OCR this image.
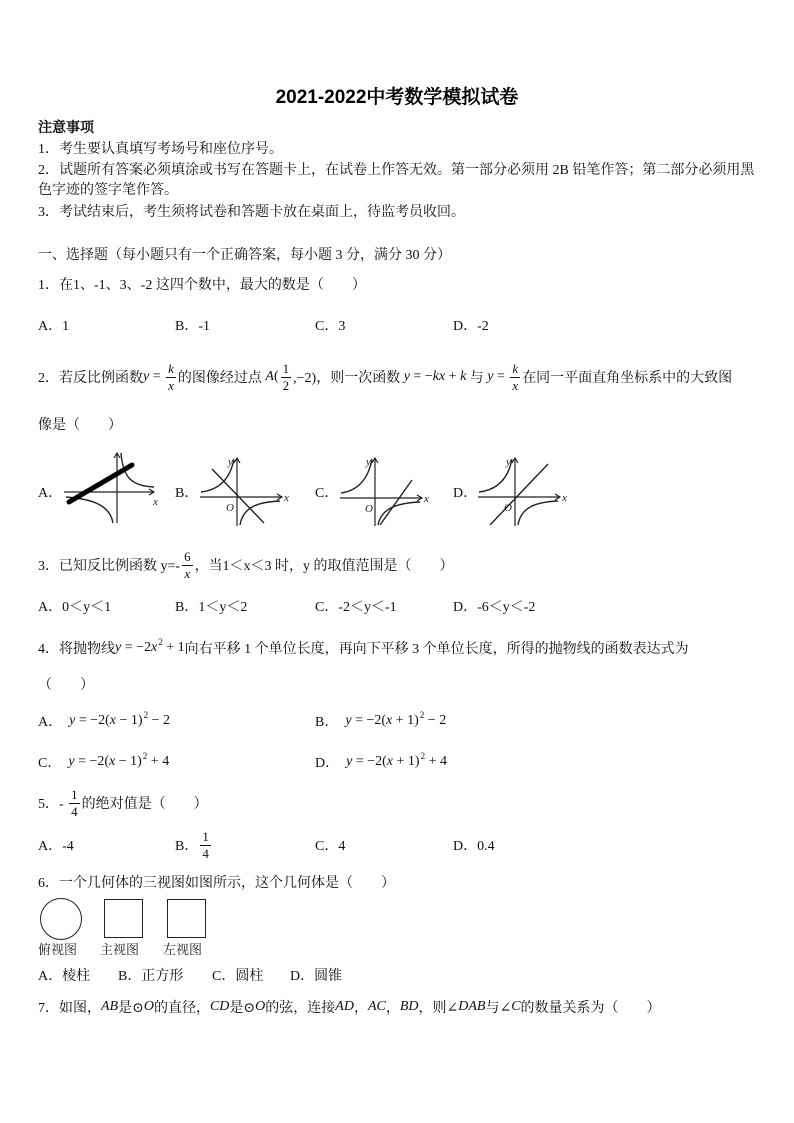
2021-2022中考数学模拟试卷
注意事项
1．考生要认真填写考场号和座位序号。
2．试题所有答案必须填涂或书写在答题卡上，在试卷上作答无效。第一部分必须用 2B 铅笔作答；第二部分必须用黑
色字迹的签字笔作答。
3．考试结束后，考生须将试卷和答题卡放在桌面上，待监考员收回。
一、选择题（每小题只有一个正确答案，每小题 3 分，满分 30 分）
1．在1、-1、3、-2 这四个数中，最大的数是（　　）
A．1	B．-1	C．3	D．-2
2．若反比例函数 $y = \frac{k}{x}$ 的图像经过点 A ( $\frac{1}{2} ,-2$)，则一次函数 y = − kx + k 与 $y = \frac{k}{x}$ 在同一平面直角坐标系中的大致图
像是（　　）
A．	B．	C．	D．
x
y
x
O
y
x
O
y
x
O
3．已知反比例函数 $y=- \frac{6}{x}$ ，当1＜x＜3 时，y 的取值范围是（　　）
A．0＜y＜1	B．1＜y＜2	C．-2＜y＜-1	D．-6＜y＜-2
4．将抛物线 y = −2 x 2 + 1 向右平移 1 个单位长度，再向下平移 3 个单位长度，所得的抛物线的函数表达式为
（　　）
A． y = −2( x − 1) 2 − 2	B． y = −2( x + 1) 2 − 2
C． y = −2( x − 1) 2 + 4	D． y = −2( x + 1) 2 + 4
5．- $\frac{1}{4}$ 的绝对值是（　　）
A．-4	B． $\frac{1}{4}$	C．4	D．0.4
6．一个几何体的三视图如图所示，这个几何体是（　　）
俯视图 主视图 左视图
A．棱柱 B．正方形 C．圆柱 D．圆锥
7．如图， AB 是⊙ O 的直径， CD 是⊙ O 的弦，连接 AD ， AC ， BD ，则∠ DAB 与∠ C 的数量关系为（　　）
